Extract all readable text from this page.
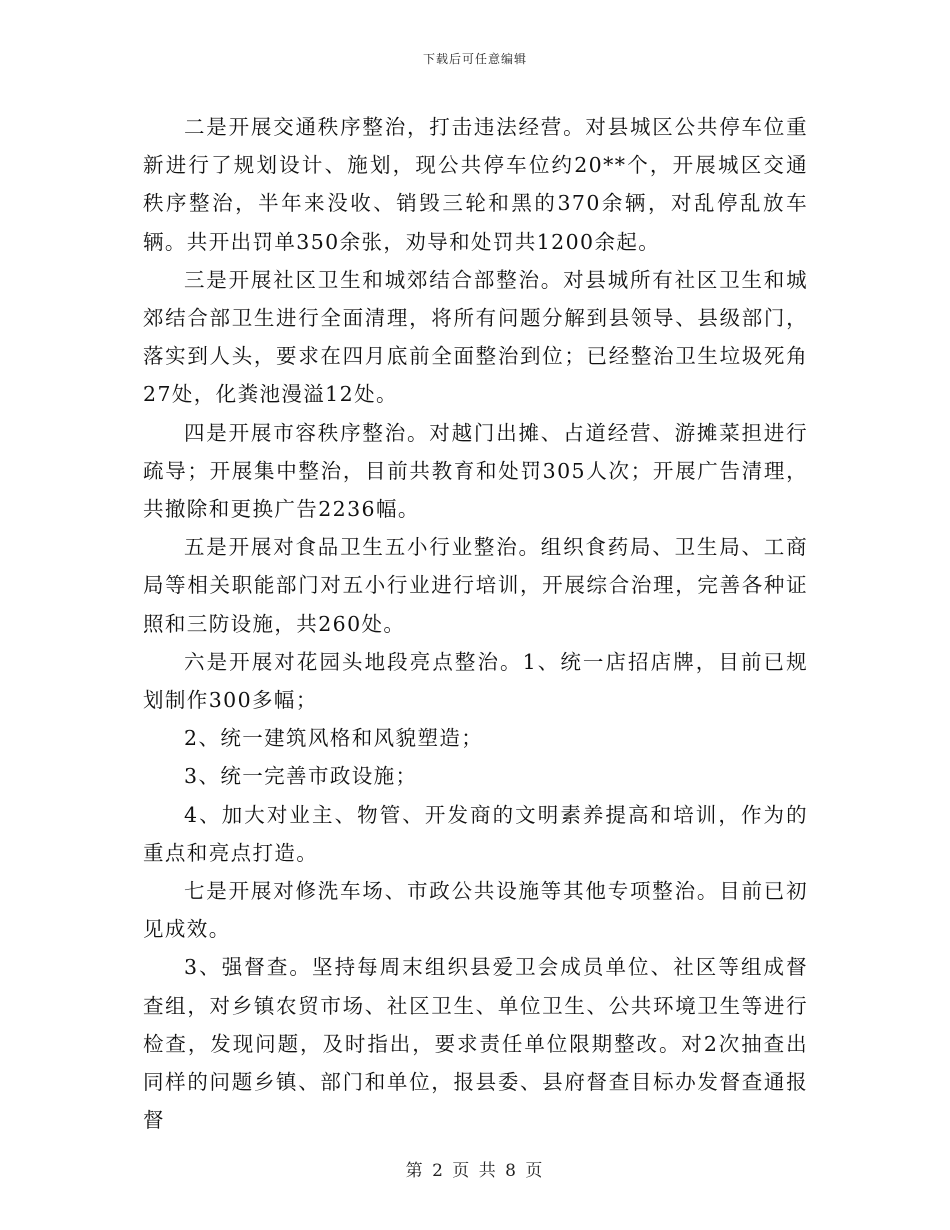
下载后可任意编辑

二是开展交通秩序整治，打击违法经营。对县城区公共停车位重新进行了规划设计、施划，现公共停车位约20**个，开展城区交通秩序整治，半年来没收、销毁三轮和黑的370余辆，对乱停乱放车辆。共开出罚单350余张，劝导和处罚共1200余起。

三是开展社区卫生和城郊结合部整治。对县城所有社区卫生和城郊结合部卫生进行全面清理，将所有问题分解到县领导、县级部门，落实到人头，要求在四月底前全面整治到位；已经整治卫生垃圾死角27处，化粪池漫溢12处。

四是开展市容秩序整治。对越门出摊、占道经营、游摊菜担进行疏导；开展集中整治，目前共教育和处罚305人次；开展广告清理，共撤除和更换广告2236幅。

五是开展对食品卫生五小行业整治。组织食药局、卫生局、工商局等相关职能部门对五小行业进行培训，开展综合治理，完善各种证照和三防设施，共260处。

六是开展对花园头地段亮点整治。1、统一店招店牌，目前已规划制作300多幅；

2、统一建筑风格和风貌塑造；

3、统一完善市政设施；

4、加大对业主、物管、开发商的文明素养提高和培训，作为的重点和亮点打造。

七是开展对修洗车场、市政公共设施等其他专项整治。目前已初见成效。

3、强督查。坚持每周末组织县爱卫会成员单位、社区等组成督查组，对乡镇农贸市场、社区卫生、单位卫生、公共环境卫生等进行检查，发现问题，及时指出，要求责任单位限期整改。对2次抽查出同样的问题乡镇、部门和单位，报县委、县府督查目标办发督查通报督

第 2 页 共 8 页
